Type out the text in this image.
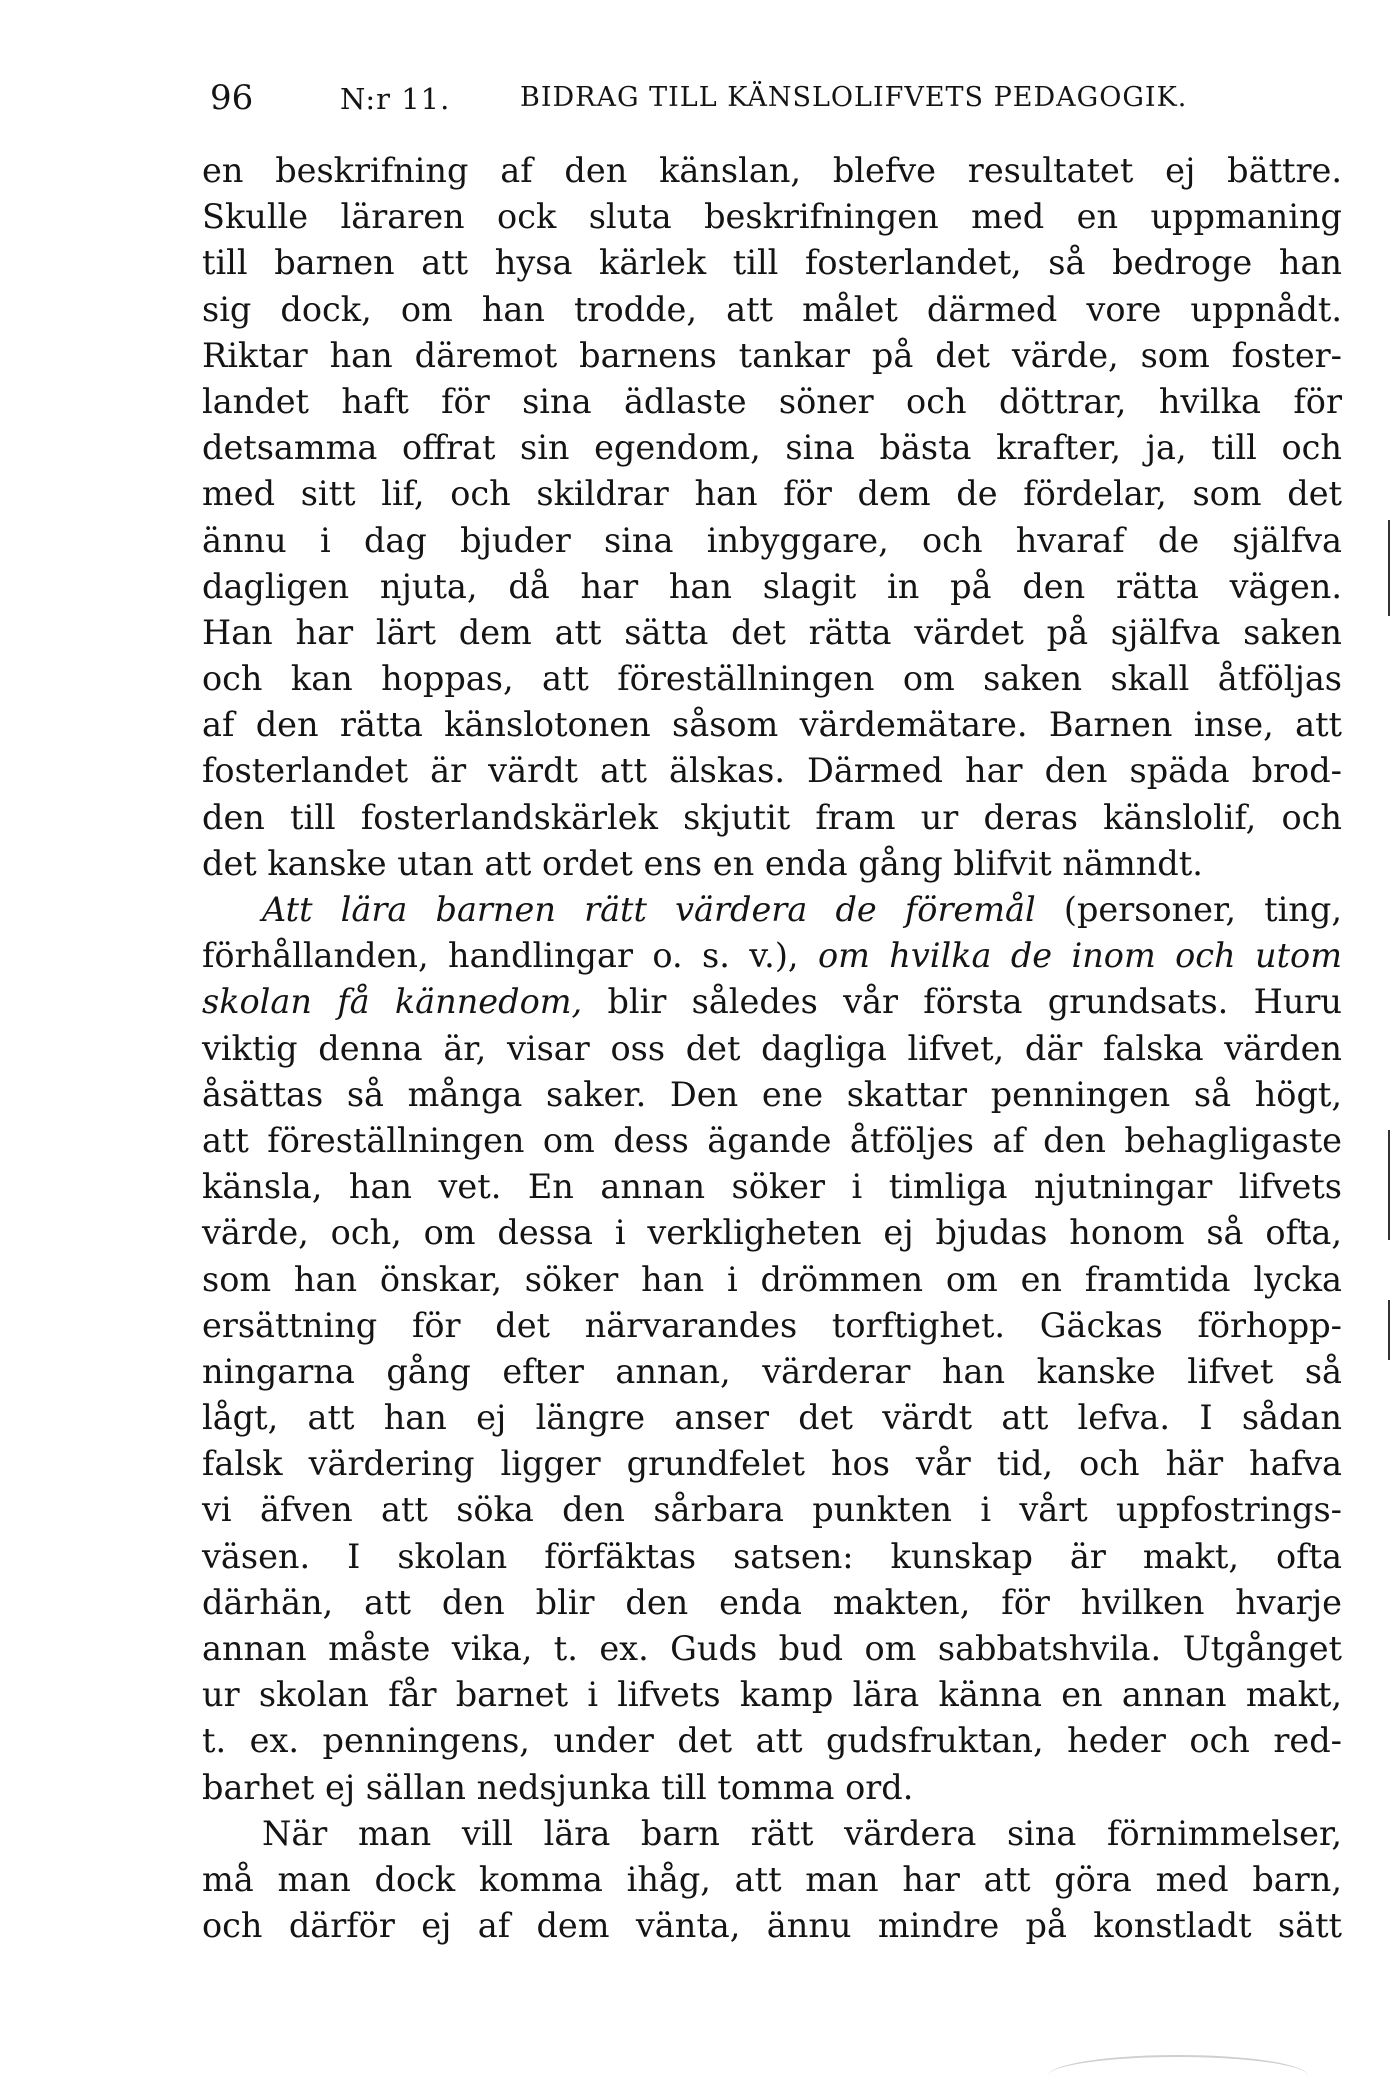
96	N:r 11.	BIDRAG TILL KÄNSLOLIFVETS PEDAGOGIK.
en beskrifning af den känslan, blefve resultatet ej bättre.
Skulle läraren ock sluta beskrifningen med en uppmaning
till barnen att hysa kärlek till fosterlandet, så bedroge han
sig dock, om han trodde, att målet därmed vore uppnådt.
Riktar han däremot barnens tankar på det värde, som foster-
landet haft för sina ädlaste söner och döttrar, hvilka för
detsamma offrat sin egendom, sina bästa krafter, ja, till och
med sitt lif, och skildrar han för dem de fördelar, som det
ännu i dag bjuder sina inbyggare, och hvaraf de själfva
dagligen njuta, då har han slagit in på den rätta vägen.
Han har lärt dem att sätta det rätta värdet på själfva saken
och kan hoppas, att föreställningen om saken skall åtföljas
af den rätta känslotonen såsom värdemätare. Barnen inse, att
fosterlandet är värdt att älskas. Därmed har den späda brod-
den till fosterlandskärlek skjutit fram ur deras känslolif, och
det kanske utan att ordet ens en enda gång blifvit nämndt.
Att lära barnen rätt värdera de föremål (personer, ting,
förhållanden, handlingar o. s. v.), om hvilka de inom och utom
skolan få kännedom, blir således vår första grundsats. Huru
viktig denna är, visar oss det dagliga lifvet, där falska värden
åsättas så många saker. Den ene skattar penningen så högt,
att föreställningen om dess ägande åtföljes af den behagligaste
känsla, han vet. En annan söker i timliga njutningar lifvets
värde, och, om dessa i verkligheten ej bjudas honom så ofta,
som han önskar, söker han i drömmen om en framtida lycka
ersättning för det närvarandes torftighet. Gäckas förhopp-
ningarna gång efter annan, värderar han kanske lifvet så
lågt, att han ej längre anser det värdt att lefva. I sådan
falsk värdering ligger grundfelet hos vår tid, och här hafva
vi äfven att söka den sårbara punkten i vårt uppfostrings-
väsen. I skolan förfäktas satsen: kunskap är makt, ofta
därhän, att den blir den enda makten, för hvilken hvarje
annan måste vika, t. ex. Guds bud om sabbatshvila. Utgånget
ur skolan får barnet i lifvets kamp lära känna en annan makt,
t. ex. penningens, under det att gudsfruktan, heder och red-
barhet ej sällan nedsjunka till tomma ord.
När man vill lära barn rätt värdera sina förnimmelser,
må man dock komma ihåg, att man har att göra med barn,
och därför ej af dem vänta, ännu mindre på konstladt sätt
